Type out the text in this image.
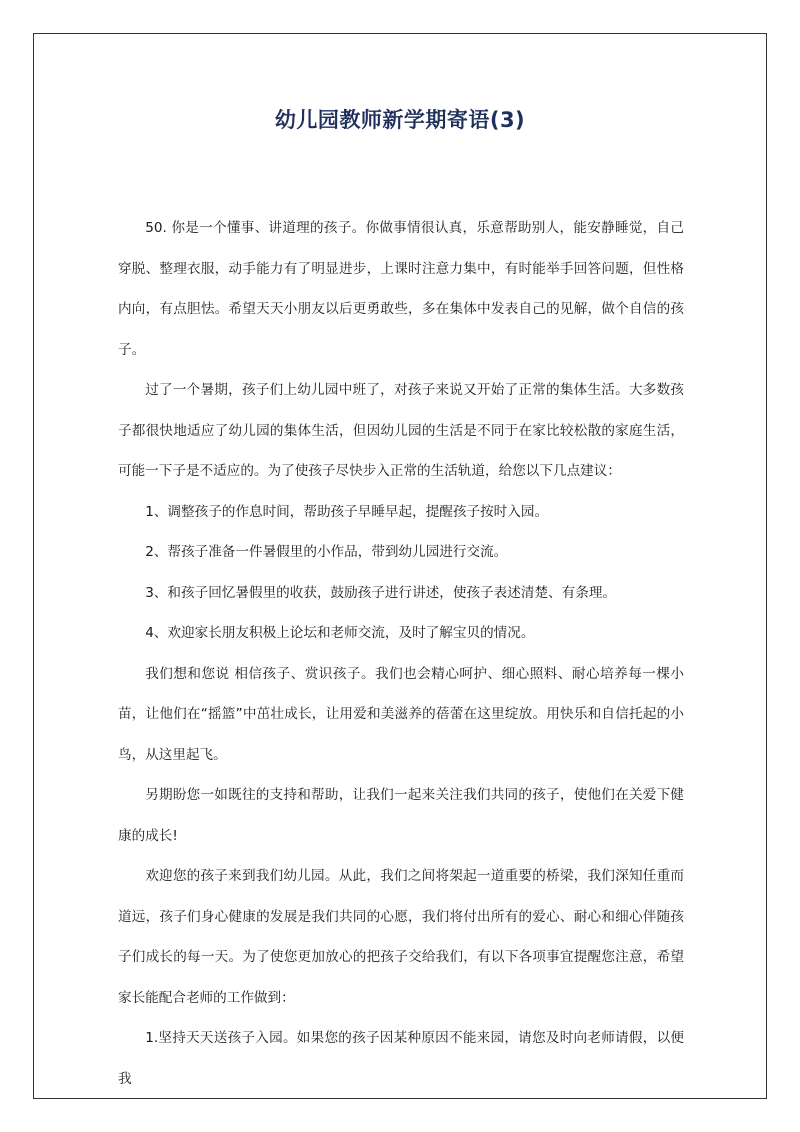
幼儿园教师新学期寄语(3)

50. 你是一个懂事、讲道理的孩子。你做事情很认真，乐意帮助别人，能安静睡觉，自己穿脱、整理衣服，动手能力有了明显进步，上课时注意力集中，有时能举手回答问题，但性格内向，有点胆怯。希望天天小朋友以后更勇敢些，多在集体中发表自己的见解，做个自信的孩子。

过了一个暑期，孩子们上幼儿园中班了，对孩子来说又开始了正常的集体生活。大多数孩子都很快地适应了幼儿园的集体生活，但因幼儿园的生活是不同于在家比较松散的家庭生活，可能一下子是不适应的。为了使孩子尽快步入正常的生活轨道，给您以下几点建议：

1、调整孩子的作息时间，帮助孩子早睡早起，提醒孩子按时入园。

2、帮孩子准备一件暑假里的小作品，带到幼儿园进行交流。

3、和孩子回忆暑假里的收获，鼓励孩子进行讲述，使孩子表述清楚、有条理。

4、欢迎家长朋友积极上论坛和老师交流，及时了解宝贝的情况。

我们想和您说 相信孩子、赏识孩子。我们也会精心呵护、细心照料、耐心培养每一棵小苗，让他们在“摇篮”中茁壮成长，让用爱和美滋养的蓓蕾在这里绽放。用快乐和自信托起的小鸟，从这里起飞。

另期盼您一如既往的支持和帮助，让我们一起来关注我们共同的孩子，使他们在关爱下健康的成长!

欢迎您的孩子来到我们幼儿园。从此，我们之间将架起一道重要的桥梁，我们深知任重而道远，孩子们身心健康的发展是我们共同的心愿，我们将付出所有的爱心、耐心和细心伴随孩子们成长的每一天。为了使您更加放心的把孩子交给我们，有以下各项事宜提醒您注意，希望家长能配合老师的工作做到：

1.坚持天天送孩子入园。如果您的孩子因某种原因不能来园，请您及时向老师请假，以便我
